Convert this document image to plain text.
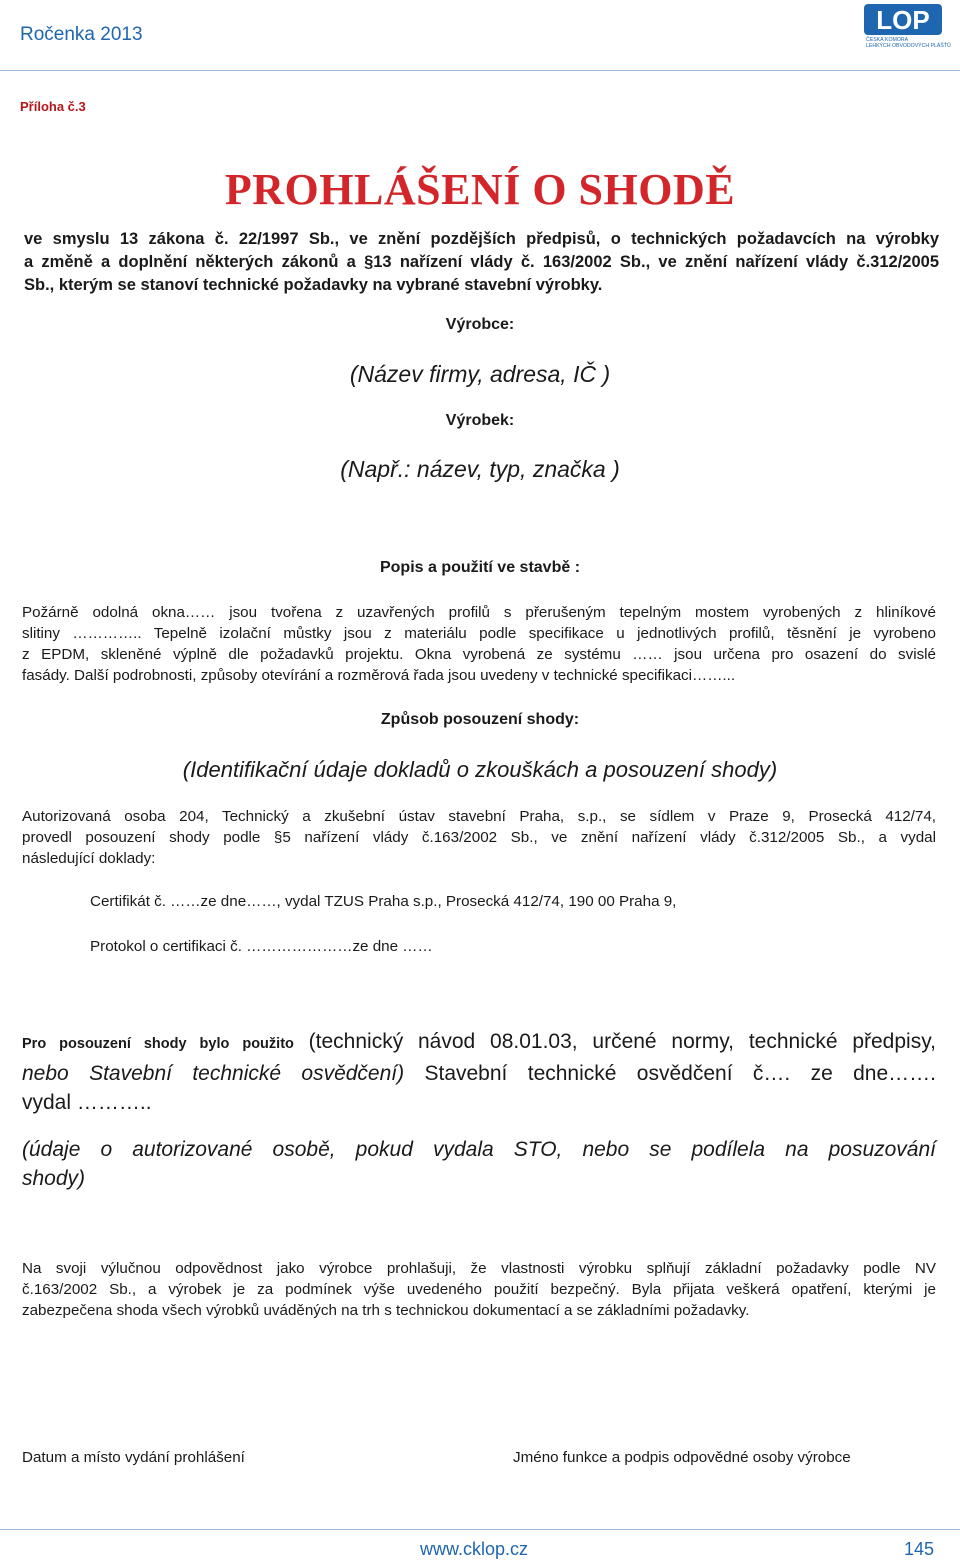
Ročenka 2013	LOP
ČESKÁ KOMORA
LEHKÝCH OBVODOVÝCH PLÁŠŤŮ
Příloha č.3
PROHLÁŠENÍ O SHODĚ
ve smyslu 13 zákona č. 22/1997 Sb., ve znění pozdějších předpisů, o technických požadavcích na výrobky
a změně a doplnění některých zákonů a §13 nařízení vlády č. 163/2002 Sb., ve znění nařízení vlády č.312/2005
Sb., kterým se stanoví technické požadavky na vybrané stavební výrobky.
Výrobce:
(Název firmy, adresa, IČ )
Výrobek:
(Např.: název, typ, značka )
Popis a použití ve stavbě :
Požárně odolná okna…… jsou tvořena z uzavřených profilů s přerušeným tepelným mostem vyrobených z hliníkové
slitiny ………….. Tepelně izolační můstky jsou z materiálu podle specifikace u jednotlivých profilů, těsnění je vyrobeno
z EPDM, skleněné výplně dle požadavků projektu. Okna vyrobená ze systému …… jsou určena pro osazení do svislé
fasády. Další podrobnosti, způsoby otevírání a rozměrová řada jsou uvedeny v technické specifikaci……...
Způsob posouzení shody:
(Identifikační údaje dokladů o zkouškách a posouzení shody)
Autorizovaná osoba 204, Technický a zkušební ústav stavební Praha, s.p., se sídlem v Praze 9, Prosecká 412/74,
provedl posouzení shody podle §5 nařízení vlády č.163/2002 Sb., ve znění nařízení vlády č.312/2005 Sb., a vydal
následující doklady:
Certifikát č. ……ze dne……, vydal TZUS Praha s.p., Prosecká 412/74, 190 00 Praha 9,
Protokol o certifikaci č. …………………ze dne ……
Pro posouzení shody bylo použito (technický návod 08.01.03, určené normy, technické předpisy,
nebo Stavební technické osvědčení) Stavební technické osvědčení č…. ze dne…….
vydal ………..
(údaje o autorizované osobě, pokud vydala STO, nebo se podílela na posuzování
shody)
Na svoji výlučnou odpovědnost jako výrobce prohlašuji, že vlastnosti výrobku splňují základní požadavky podle NV
č.163/2002 Sb., a výrobek je za podmínek výše uvedeného použití bezpečný. Byla přijata veškerá opatření, kterými je
zabezpečena shoda všech výrobků uváděných na trh s technickou dokumentací a se základními požadavky.
Datum a místo vydání prohlášení	Jméno funkce a podpis odpovědné osoby výrobce
www.cklop.cz	145
